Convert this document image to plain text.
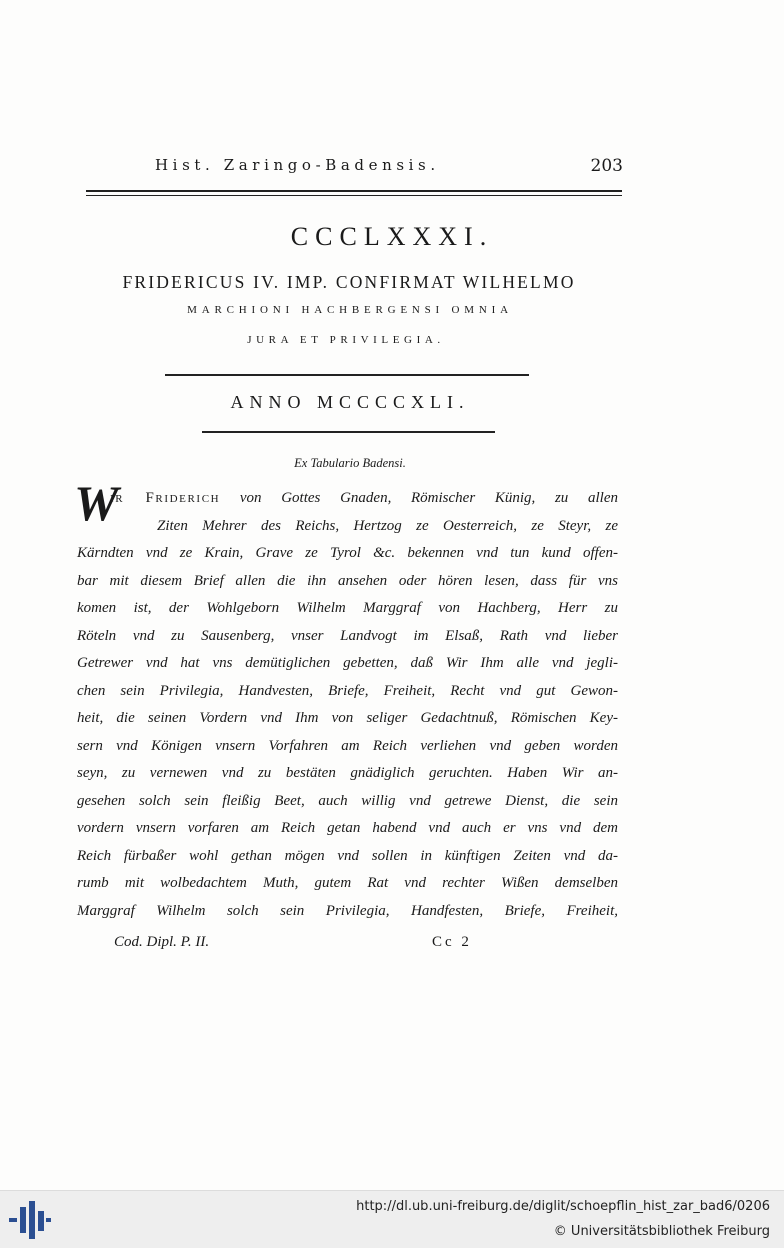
Hist. Zaringo-Badensis.	203
CCCLXXXI.
FRIDERICUS IV. IMP. CONFIRMAT WILHELMO
MARCHIONI HACHBERGENSI OMNIA
JURA ET PRIVILEGIA.
ANNO MCCCCXLI.
Ex Tabulario Badensi.
W
ir Friderich von Gottes Gnaden, Römischer Künig, zu allen
Ziten Mehrer des Reichs, Hertzog ze Oesterreich, ze Steyr, ze
Kärndten vnd ze Krain, Grave ze Tyrol &c. bekennen vnd tun kund offen-
bar mit diesem Brief allen die ihn ansehen oder hören lesen, dass für vns
komen ist, der Wohlgeborn Wilhelm Marggraf von Hachberg, Herr zu
Röteln vnd zu Sausenberg, vnser Landvogt im Elsaß, Rath vnd lieber
Getrewer vnd hat vns demütiglichen gebetten, daß Wir Ihm alle vnd jegli-
chen sein Privilegia, Handvesten, Briefe, Freiheit, Recht vnd gut Gewon-
heit, die seinen Vordern vnd Ihm von seliger Gedachtnuß, Römischen Key-
sern vnd Königen vnsern Vorfahren am Reich verliehen vnd geben worden
seyn, zu vernewen vnd zu bestäten gnädiglich geruchten. Haben Wir an-
gesehen solch sein fleißig Beet, auch willig vnd getrewe Dienst, die sein
vordern vnsern vorfaren am Reich getan habend vnd auch er vns vnd dem
Reich fürbaßer wohl gethan mögen vnd sollen in künftigen Zeiten vnd da-
rumb mit wolbedachtem Muth, gutem Rat vnd rechter Wißen demselben
Marggraf Wilhelm solch sein Privilegia, Handfesten, Briefe, Freiheit,
Cod. Dipl. P. II.	Cc 2
http://dl.ub.uni-freiburg.de/diglit/schoepflin_hist_zar_bad6/0206
© Universitätsbibliothek Freiburg
